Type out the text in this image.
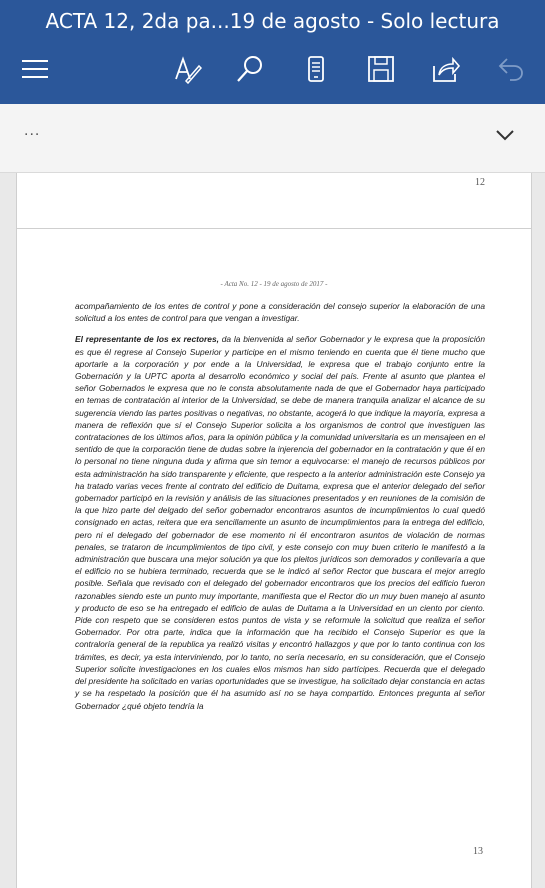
ACTA 12, 2da pa...19 de agosto - Solo lectura
...
12
- Acta No. 12 - 19 de agosto de 2017 -

acompañamiento de los entes de control y pone a consideración del consejo superior la elaboración de una solicitud a los entes de control para que vengan a investigar.

El representante de los ex rectores, da la bienvenida al señor Gobernador y le expresa que la proposición es que él regrese al Consejo Superior y participe en el mismo teniendo en cuenta que él tiene mucho que aportarle a la corporación y por ende a la Universidad, le expresa que el trabajo conjunto entre la Gobernación y la UPTC aporta al desarrollo económico y social del país. Frente al asunto que plantea el señor Gobernados le expresa que no le consta absolutamente nada de que el Gobernador haya participado en temas de contratación al interior de la Universidad, se debe de manera tranquila analizar el alcance de su sugerencia viendo las partes positivas o negativas, no obstante, acogerá lo que indique la mayoría, expresa a manera de reflexión que sí el Consejo Superior solicita a los organismos de control que investiguen las contrataciones de los últimos años, para la opinión pública y la comunidad universitaria es un mensajeen en el sentido de que la corporación tiene de dudas sobre la injerencia del gobernador en la contratación y que él en lo personal no tiene ninguna duda y afirma que sin temor a equivocarse: el manejo de recursos públicos por esta administración ha sido transparente y eficiente, que respecto a la anterior administración este Consejo ya ha tratado varias veces frente al contrato del edificio de Duitama, expresa que el anterior delegado del señor gobernador participó en la revisión y análisis de las situaciones presentados y en reuniones de la comisión de la que hizo parte del delgado del señor gobernador encontraros asuntos de incumplimientos lo cual quedó consignado en actas, reitera que era sencillamente un asunto de incumplimientos para la entrega del edificio, pero ni el delegado del gobernador de ese momento ni él encontraron asuntos de violación de normas penales, se trataron de incumplimientos de tipo civil, y este consejo con muy buen criterio le manifestó a la administración que buscara una mejor solución ya que los pleitos jurídicos son demorados y conllevaría a que el edificio no se hubiera terminado, recuerda que se le indicó al señor Rector que buscara el mejor arreglo posible. Señala que revisado con el delegado del gobernador encontraros que los precios del edificio fueron razonables siendo este un punto muy importante, manifiesta que el Rector dio un muy buen manejo al asunto y producto de eso se ha entregado el edificio de aulas de Duitama a la Universidad en un ciento por ciento. Pide con respeto que se consideren estos puntos de vista y se reformule la solicitud que realiza el señor Gobernador. Por otra parte, indica que la información que ha recibido el Consejo Superior es que la contraloría general de la republica ya realizó visitas y encontró hallazgos y que por lo tanto continua con los trámites, es decir, ya esta interviniendo, por lo tanto, no sería necesario, en su consideración, que el Consejo Superior solicite investigaciones en los cuales ellos mismos han sido partícipes. Recuerda que el delegado del presidente ha solicitado en varias oportunidades que se investigue, ha solicitado dejar constancia en actas y se ha respetado la posición que él ha asumido así no se haya compartido. Entonces pregunta al señor Gobernador ¿qué objeto tendría la

13
